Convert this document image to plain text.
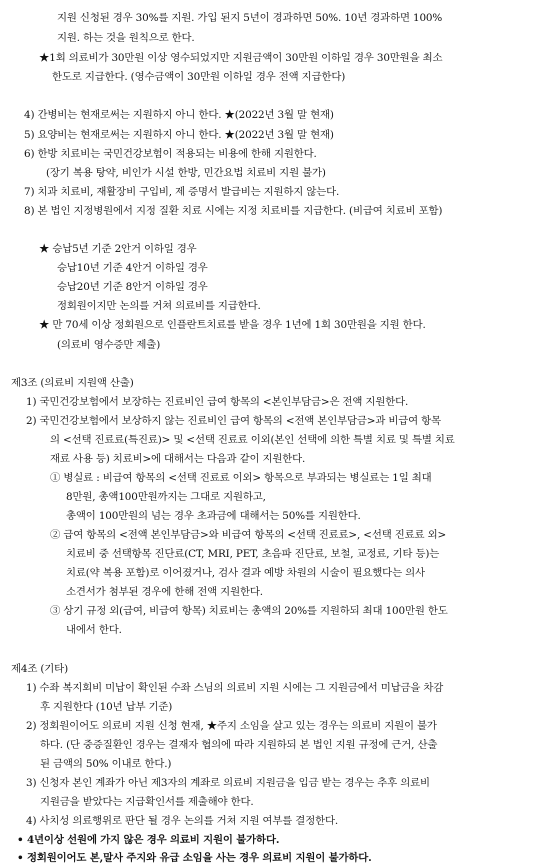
지원 신청된 경우 30%를 지원. 가입 된지 5년이 경과하면 50%. 10년 경과하면 100%
지원. 하는 것을 원칙으로 한다.
★1회 의료비가 30만원 이상 영수되었지만 지원금액이 30만원 이하일 경우 30만원을 최소
한도로 지급한다. (영수금액이 30만원 이하일 경우 전액 지급한다)
4) 간병비는 현재로써는 지원하지 아니 한다. ★(2022년 3월 말 현재)
5) 요양비는 현재로써는 지원하지 아니 한다. ★(2022년 3월 말 현재)
6) 한방 치료비는 국민건강보험이 적용되는 비용에 한해 지원한다.
(장기 복용 탕약, 비인가 시설 한방, 민간요법 치료비 지원 불가)
7) 치과 치료비, 재활장비 구입비, 제 증명서 발급비는 지원하지 않는다.
8) 본 법인 지정병원에서 지정 질환 치료 시에는 지정 치료비를 지급한다. (비급여 치료비 포함)
★ 승납5년 기준 2안거 이하일 경우
승납10년 기준 4안거 이하일 경우
승납20년 기준 8안거 이하일 경우
정회원이지만 논의를 거쳐 의료비를 지급한다.
★ 만 70세 이상 정회원으로 인플란트치료를 받을 경우 1년에 1회 30만원을 지원 한다.
(의료비 영수증만 제출)
제3조 (의료비 지원액 산출)
1) 국민건강보험에서 보장하는 진료비인 급여 항목의 <본인부담금>은 전액 지원한다.
2) 국민건강보험에서 보상하지 않는 진료비인 급여 항목의 <전액 본인부담금>과 비급여 항목
의 <선택 진료료(특진료)> 및 <선택 진료료 이외(본인 선택에 의한 특별 치료 및 특별 치료
재료 사용 등) 치료비>에 대해서는 다음과 같이 지원한다.
① 병실료 : 비급여 항목의 <선택 진료료 이외> 항목으로 부과되는 병실료는 1일 최대
8만원, 총액100만원까지는 그대로 지원하고,
총액이 100만원의 넘는 경우 초과금에 대해서는 50%를 지원한다.
② 급여 항목의 <전액 본인부담금>와 비급여 항목의 <선택 진료료>, <선택 진료료 외>
치료비 중 선택항목 진단료(CT, MRI, PET, 초음파 진단료, 보철, 교정료, 기타 등)는
치료(약 복용 포함)로 이어졌거나, 검사 결과 예방 차원의 시술이 필요했다는 의사
소견서가 첨부된 경우에 한해 전액 지원한다.
③ 상기 규정 외(급여, 비급여 항목) 치료비는 총액의 20%를 지원하되 최대 100만원 한도
내에서 한다.
제4조 (기타)
1) 수좌 복지회비 미납이 확인된 수좌 스님의 의료비 지원 시에는 그 지원금에서 미납금을 차감
후 지원한다 (10년 납부 기준)
2) 정회원이어도 의료비 지원 신청 현재, ★주지 소임을 살고 있는 경우는 의료비 지원이 불가
하다. (단 중증질환인 경우는 결재자 협의에 따라 지원하되 본 법인 지원 규정에 근거, 산출
된 금액의 50% 이내로 한다.)
3) 신청자 본인 계좌가 아닌 제3자의 계좌로 의료비 지원금을 입금 받는 경우는 추후 의료비
지원금을 받았다는 지급확인서를 제출해야 한다.
4) 사치성 의료행위로 판단 될 경우 논의를 거쳐 지원 여부를 결정한다.
• 4년이상 선원에 가지 않은 경우 의료비 지원이 불가하다.
• 정회원이어도 본,말사 주지와 유급 소임을 사는 경우 의료비 지원이 불가하다.
